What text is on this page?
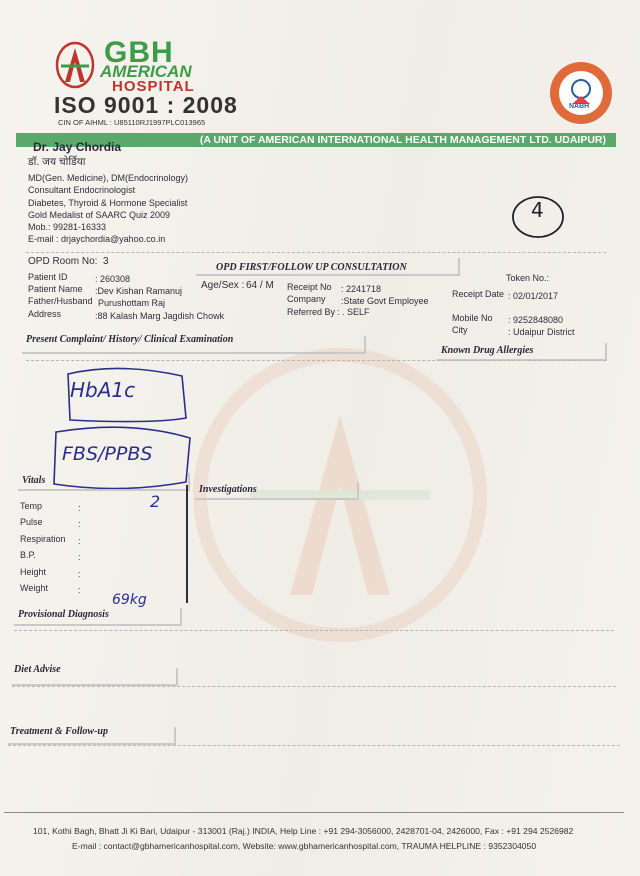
GBH
AMERICAN
HOSPITAL
ISO 9001 : 2008
CIN OF AIHML : U85110RJ1997PLC013965
NABH
(A UNIT OF AMERICAN INTERNATIONAL HEALTH MANAGEMENT LTD. UDAIPUR)
Dr. Jay Chordia
डॉ. जय चोर्डिया
MD(Gen. Medicine), DM(Endocrinology)
Consultant Endocrinologist
Diabetes, Thyroid & Hormone Specialist
Gold Medalist of SAARC Quiz 2009
Mob.: 99281-16333
E-mail : drjaychordia@yahoo.co.in
4
OPD Room No: 3
OPD FIRST/FOLLOW UP CONSULTATION
Token No.:
Patient ID	: 260308
Patient Name :Dev Kishan Ramanuj
Father/Husband Purushottam Raj
Address	:88 Kalash Marg Jagdish Chowk
Age/Sex : 64 / M Receipt No : 2241718
Company :State Govt Employee
Referred By : . SELF
Receipt Date : 02/01/2017
Mobile No : 9252848080
City	: Udaipur District
Present Complaint/ History/ Clinical Examination
Known Drug Allergies
HbA1c
FBS/PPBS
2
Vitals
Investigations
Temp	:
Pulse	:
Respiration :
B.P.	:
Height	:
Weight	:
69kg
Provisional Diagnosis
Diet Advise
Treatment & Follow-up
101, Kothi Bagh, Bhatt Ji Ki Bari, Udaipur - 313001 (Raj.) INDIA, Help Line : +91 294-3056000, 2428701-04, 2426000, Fax : +91 294 2526982
E-mail : contact@gbhamericanhospital.com, Website: www.gbhamericanhospital.com, TRAUMA HELPLINE : 9352304050
